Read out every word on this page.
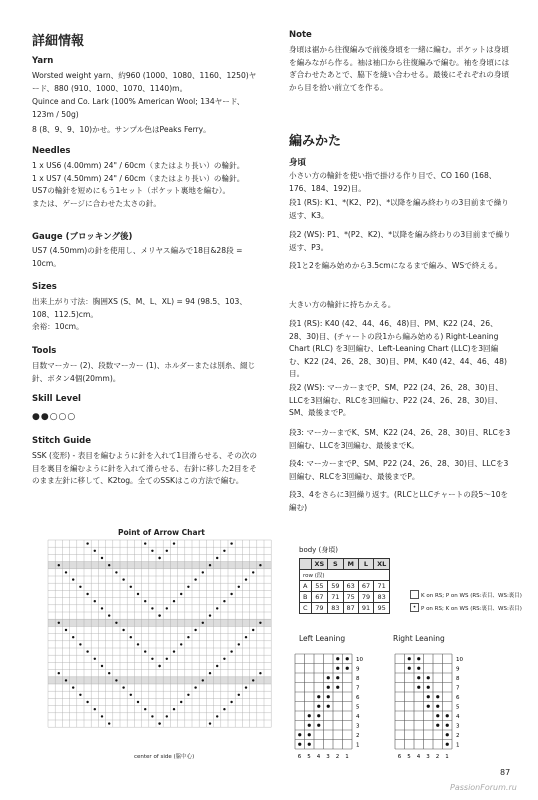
詳細情報
Yarn
Worsted weight yarn、約960 (1000、1080、1160、1250)ヤード、880 (910、1000、1070、1140)m。
Quince and Co. Lark (100% American Wool; 134ヤード、123m / 50g)
8 (8、9、9、10)かせ。サンプル色はPeaks Ferry。
Needles
1 x US6 (4.00mm) 24" / 60cm（またはより長い）の輪針。
1 x US7 (4.50mm) 24" / 60cm（またはより長い）の輪針。
US7の輪針を短めにもう1セット（ポケット裏地を編む）。
または、ゲージに合わせた太さの針。
Gauge (ブロッキング後)
US7 (4.50mm)の針を使用し、メリヤス編みで18目&28段 = 10cm。
Sizes
出来上がり寸法：胸囲XS (S、M、L、XL) = 94 (98.5、103、108、112.5)cm。
余裕：10cm。
Tools
目数マーカー (2)、段数マーカー (1)、ホルダーまたは別糸、綴じ針、ボタン4個(20mm)。
Skill Level
●●○○○
Stitch Guide
SSK (変形) - 表目を編むように針を入れて1目滑らせる、その次の目を裏目を編むように針を入れて滑らせる、右針に移した2目をそのまま左針に移して、K2tog。全てのSSKはこの方法で編む。
Note
身頃は裾から往復編みで前後身頃を一緒に編む。ポケットは身頃を編みながら作る。袖は袖口から往復編みで編む。袖を身頃にはぎ合わせたあとで、脇下を縫い合わせる。最後にそれぞれの身頃から目を拾い前立てを作る。
編みかた
身頃
小さい方の輪針を使い指で掛ける作り目で、CO 160 (168、176、184、192)目。
段1 (RS): K1、*(K2、P2)、*以降を編み終わりの3目前まで繰り返す、K3。
段2 (WS): P1、*(P2、K2)、*以降を編み終わりの3目前まで繰り返す、P3。
段1と2を編み始めから3.5cmになるまで編み、WSで終える。
大きい方の輪針に持ちかえる。
段1 (RS): K40 (42、44、46、48)目、PM、K22 (24、26、28、30)目、(チャートの段1から編み始める) Right-Leaning Chart (RLC) を3回編む、Left-Leaning Chart (LLC)を3回編む、K22 (24、26、28、30)目、PM、K40 (42、44、46、48)目。
段2 (WS): マーカーまでP、SM、P22 (24、26、28、30)目、LLCを3回編む、RLCを3回編む、P22 (24、26、28、30)目、SM、最後までP。
段3: マーカーまでK、SM、K22 (24、26、28、30)目、RLCを3回編む、LLCを3回編む、最後までK。
段4: マーカーまでP、SM、P22 (24、26、28、30)目、LLCを3回編む、RLCを3回編む、最後までP。
段3、4をさらに3回繰り返す。(RLCとLLCチャートの段5～10を編む)
Point of Arrow Chart
center of side (脇中心)
body (身頃)
	XS	S	M	L	XL
row (段)					
A	55	59	63	67	71
B	67	71	75	79	83
C	79	83	87	91	95
K on RS; P on WS (RS:表目、WS:裏目)
• P on RS; K on WS (RS:裏目、WS:表目)
Left Leaning
1
2
3
4
5
6
7
8
9
10
6 5 4 3 2 1
Right Leaning
1
2
3
4
5
6
7
8
9
10
6 5 4 3 2 1
87
PassionForum.ru
